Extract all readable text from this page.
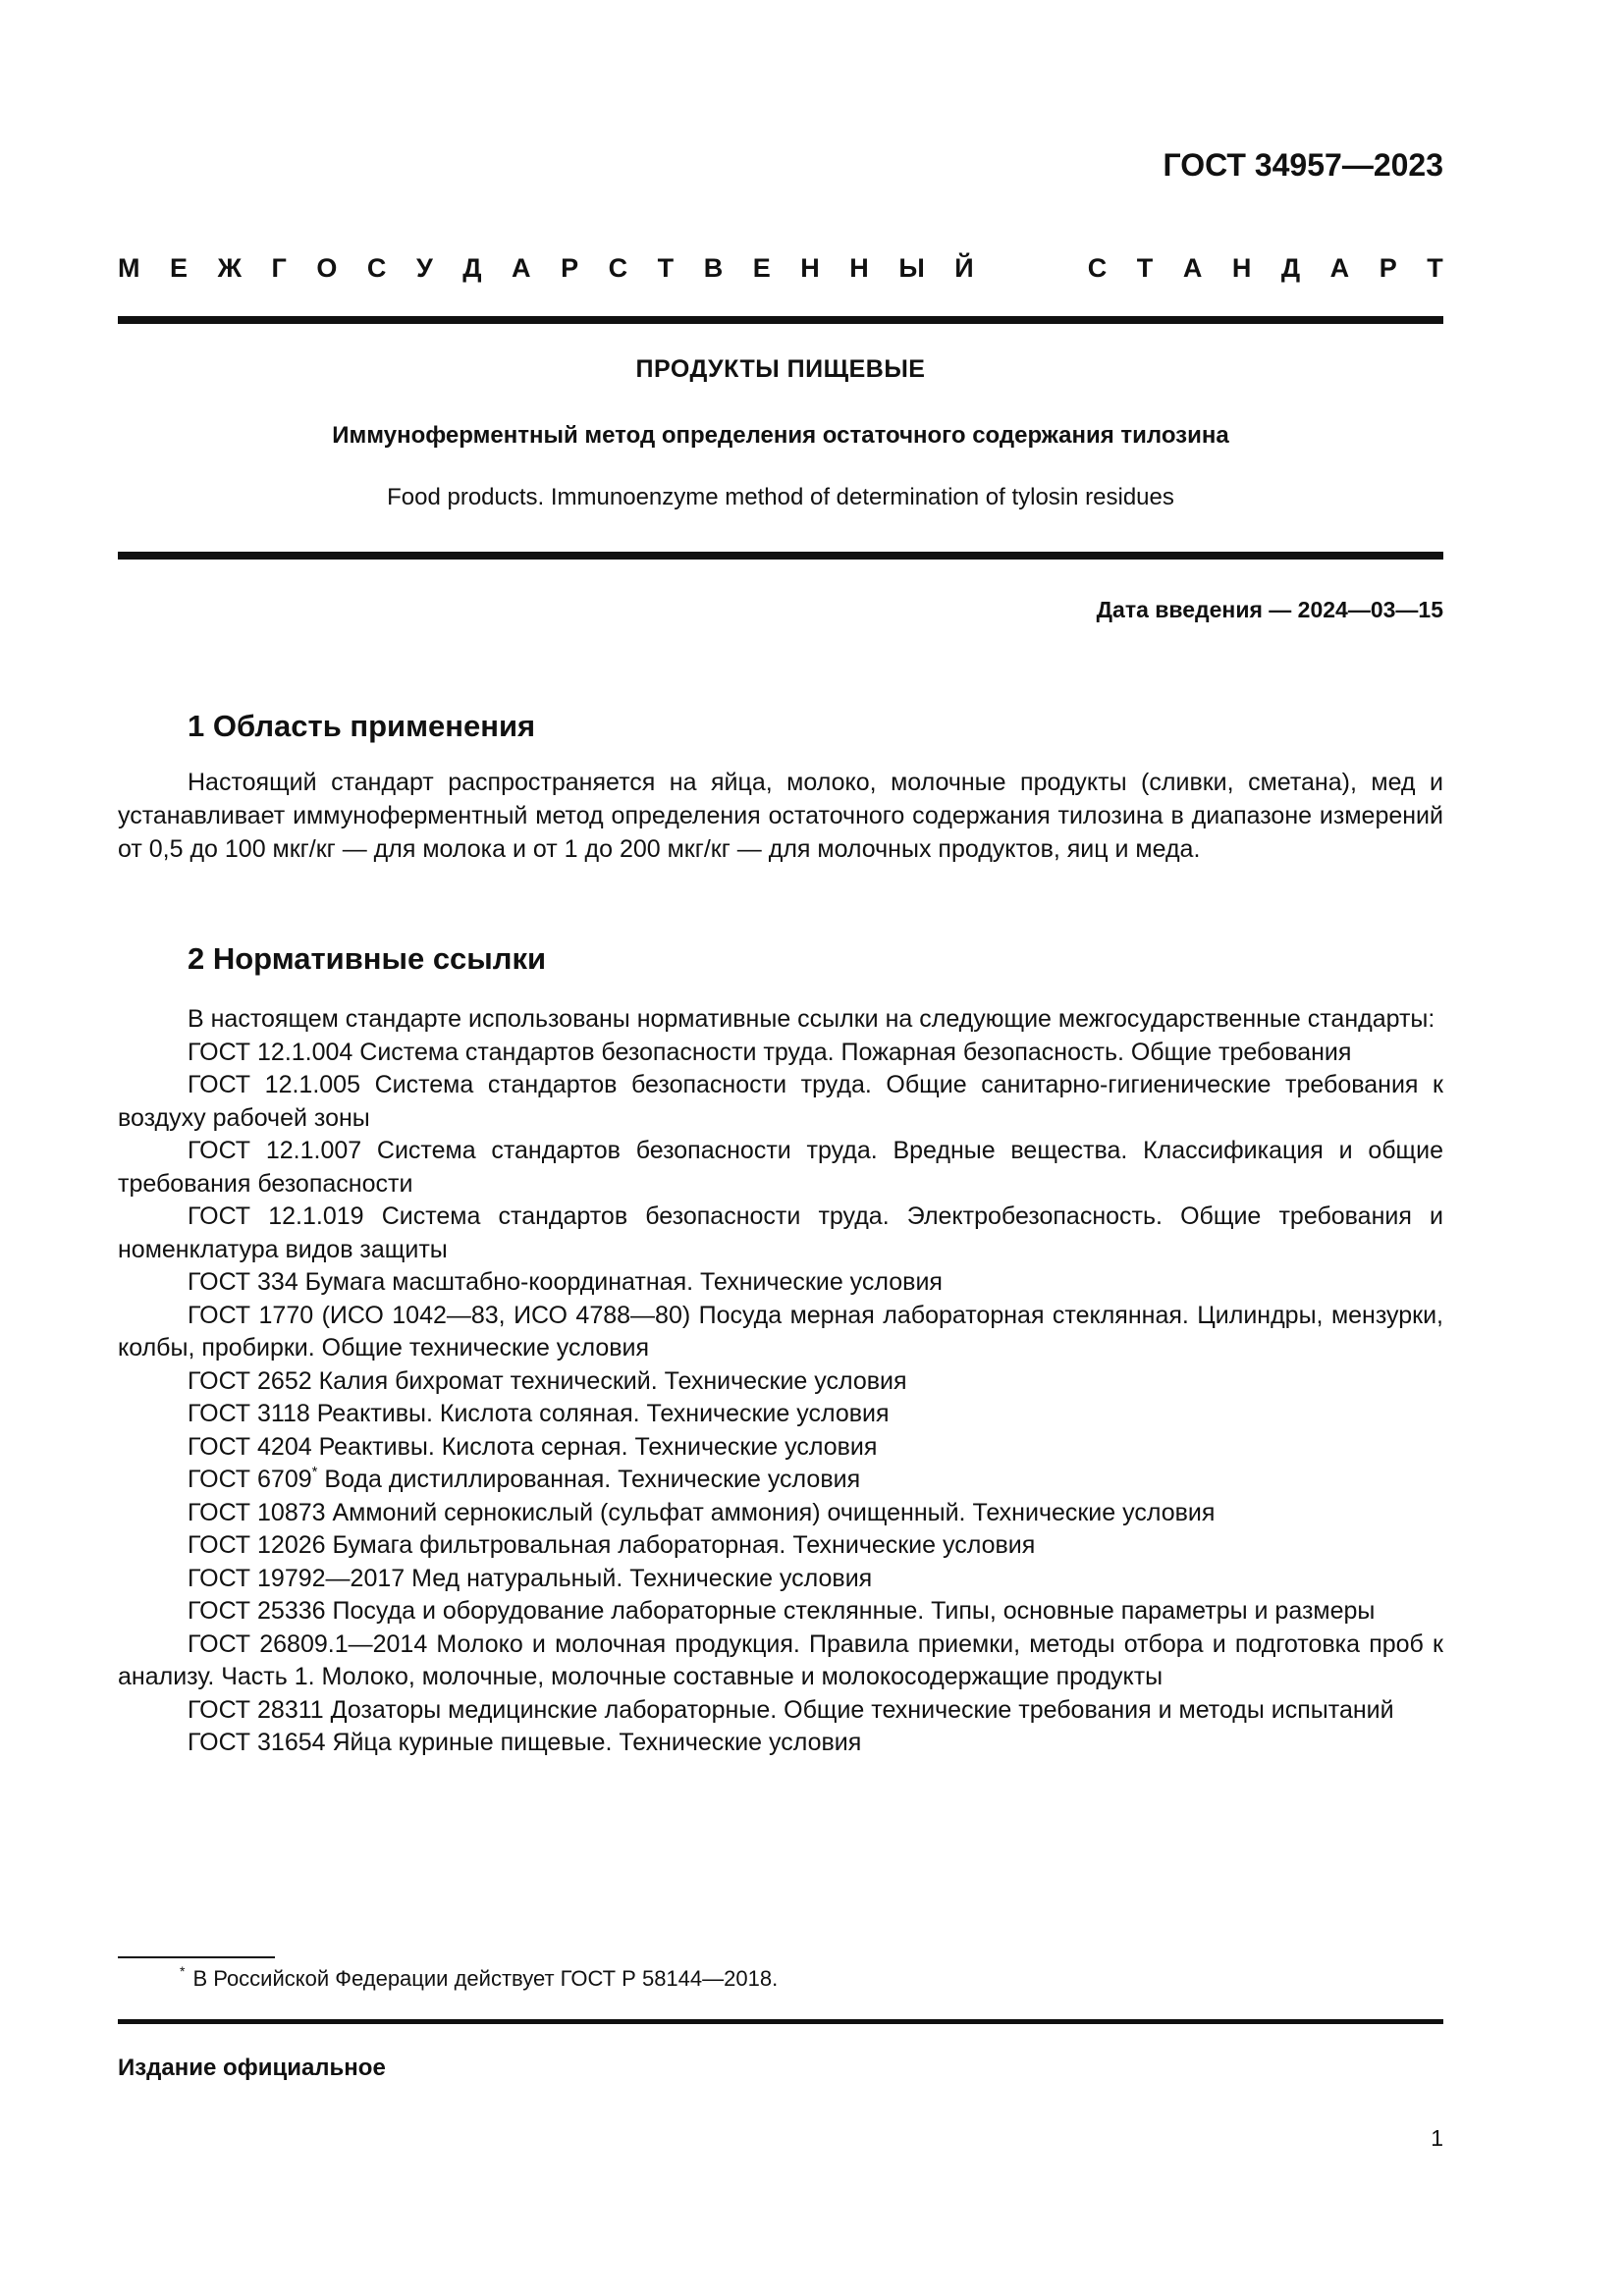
ГОСТ 34957—2023
М Е Ж Г О С У Д А Р С Т В Е Н Н Ы Й	С Т А Н Д А Р Т
ПРОДУКТЫ ПИЩЕВЫЕ
Иммуноферментный метод определения остаточного содержания тилозина
Food products. Immunoenzyme method of determination of tylosin residues
Дата введения — 2024—03—15
1 Область применения

Настоящий стандарт распространяется на яйца, молоко, молочные продукты (сливки, сметана), мед и устанавливает иммуноферментный метод определения остаточного содержания тилозина в диапазоне измерений от 0,5 до 100 мкг/кг — для молока и от 1 до 200 мкг/кг — для молочных продуктов, яиц и меда.

2 Нормативные ссылки

В настоящем стандарте использованы нормативные ссылки на следующие межгосударственные стандарты:

ГОСТ 12.1.004 Система стандартов безопасности труда. Пожарная безопасность. Общие требования

ГОСТ 12.1.005 Система стандартов безопасности труда. Общие санитарно-гигиенические требования к воздуху рабочей зоны

ГОСТ 12.1.007 Система стандартов безопасности труда. Вредные вещества. Классификация и общие требования безопасности

ГОСТ 12.1.019 Система стандартов безопасности труда. Электробезопасность. Общие требования и номенклатура видов защиты

ГОСТ 334 Бумага масштабно-координатная. Технические условия

ГОСТ 1770 (ИСО 1042—83, ИСО 4788—80) Посуда мерная лабораторная стеклянная. Цилиндры, мензурки, колбы, пробирки. Общие технические условия

ГОСТ 2652 Калия бихромат технический. Технические условия

ГОСТ 3118 Реактивы. Кислота соляная. Технические условия

ГОСТ 4204 Реактивы. Кислота серная. Технические условия

ГОСТ 6709* Вода дистиллированная. Технические условия

ГОСТ 10873 Аммоний сернокислый (сульфат аммония) очищенный. Технические условия

ГОСТ 12026 Бумага фильтровальная лабораторная. Технические условия

ГОСТ 19792—2017 Мед натуральный. Технические условия

ГОСТ 25336 Посуда и оборудование лабораторные стеклянные. Типы, основные параметры и размеры

ГОСТ 26809.1—2014 Молоко и молочная продукция. Правила приемки, методы отбора и подготовка проб к анализу. Часть 1. Молоко, молочные, молочные составные и молокосодержащие продукты

ГОСТ 28311 Дозаторы медицинские лабораторные. Общие технические требования и методы испытаний

ГОСТ 31654 Яйца куриные пищевые. Технические условия

* В Российской Федерации действует ГОСТ Р 58144—2018.
Издание официальное
1
